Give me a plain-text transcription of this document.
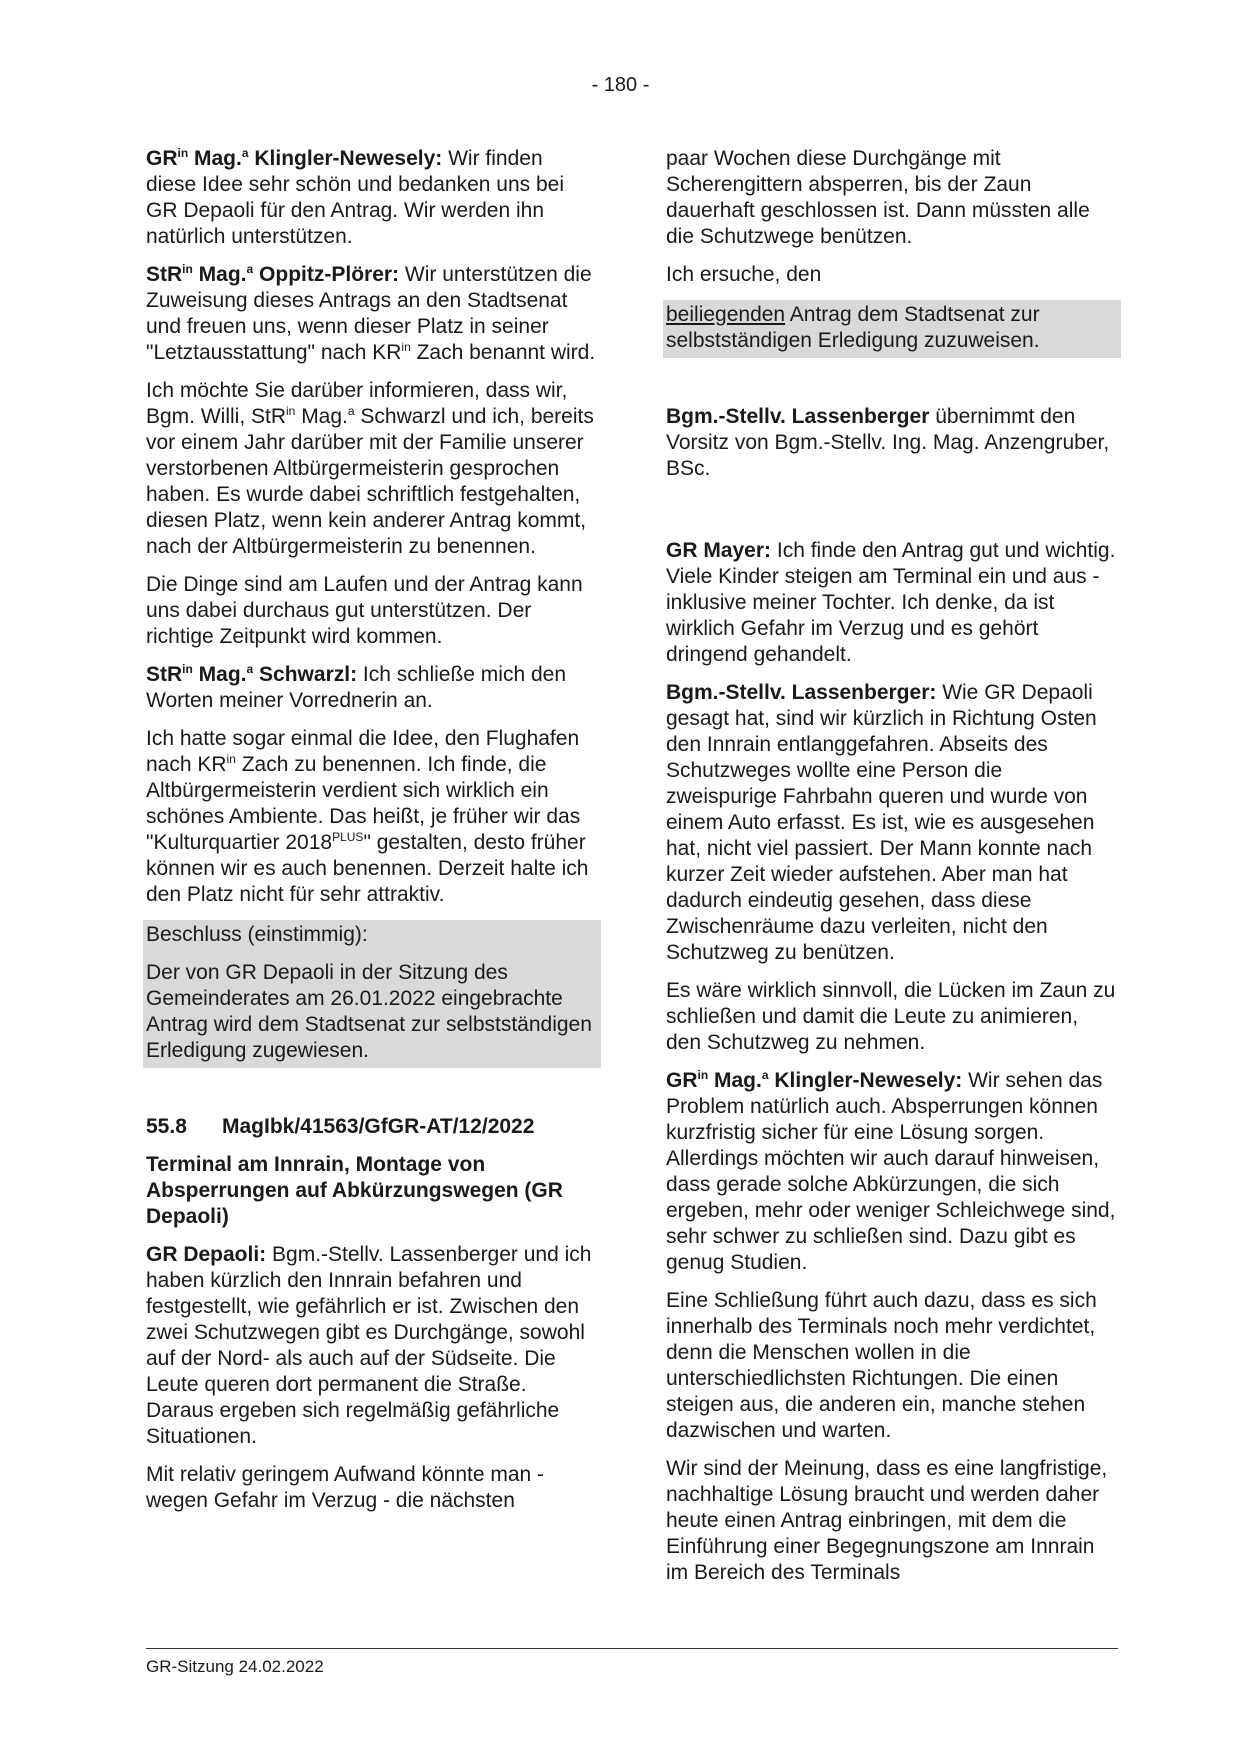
- 180 -

$GR^{in}$ Mag.$^a$ Klingler-Newesely: Wir finden diese Idee sehr schön und bedanken uns bei GR Depaoli für den Antrag. Wir werden ihn natürlich unterstützen.

StR$^{in}$ Mag.$^a$ Oppitz-Plörer: Wir unterstützen die Zuweisung dieses Antrags an den Stadtsenat und freuen uns, wenn dieser Platz in seiner "Letztausstattung" nach $KR^{in}$ Zach benannt wird.

Ich möchte Sie darüber informieren, dass wir, Bgm. Willi, StR$^{in}$ Mag.$^a$ Schwarzl und ich, bereits vor einem Jahr darüber mit der Familie unserer verstorbenen Altbürgermeisterin gesprochen haben. Es wurde dabei schriftlich festgehalten, diesen Platz, wenn kein anderer Antrag kommt, nach der Altbürgermeisterin zu benennen.

Die Dinge sind am Laufen und der Antrag kann uns dabei durchaus gut unterstützen. Der richtige Zeitpunkt wird kommen.

StR$^{in}$ Mag.$^a$ Schwarzl: Ich schließe mich den Worten meiner Vorrednerin an.

Ich hatte sogar einmal die Idee, den Flughafen nach $KR^{in}$ Zach zu benennen. Ich finde, die Altbürgermeisterin verdient sich wirklich ein schönes Ambiente. Das heißt, je früher wir das "Kulturquartier $2018^{PLUS}$" gestalten, desto früher können wir es auch benennen. Derzeit halte ich den Platz nicht für sehr attraktiv.

Beschluss (einstimmig):

Der von GR Depaoli in der Sitzung des Gemeinderates am 26.01.2022 eingebrachte Antrag wird dem Stadtsenat zur selbstständigen Erledigung zugewiesen.

55.8	MagIbk/41563/GfGR-AT/12/2022

Terminal am Innrain, Montage von Absperrungen auf Abkürzungswegen (GR Depaoli)

GR Depaoli: Bgm.-Stellv. Lassenberger und ich haben kürzlich den Innrain befahren und festgestellt, wie gefährlich er ist. Zwischen den zwei Schutzwegen gibt es Durchgänge, sowohl auf der Nord- als auch auf der Südseite. Die Leute queren dort permanent die Straße. Daraus ergeben sich regelmäßig gefährliche Situationen.

Mit relativ geringem Aufwand könnte man - wegen Gefahr im Verzug - die nächsten

paar Wochen diese Durchgänge mit Scherengittern absperren, bis der Zaun dauerhaft geschlossen ist. Dann müssten alle die Schutzwege benützen.

Ich ersuche, den

beiliegenden Antrag dem Stadtsenat zur selbstständigen Erledigung zuzuweisen.

Bgm.-Stellv. Lassenberger übernimmt den Vorsitz von Bgm.-Stellv. Ing. Mag. Anzengruber, BSc.

GR Mayer: Ich finde den Antrag gut und wichtig. Viele Kinder steigen am Terminal ein und aus - inklusive meiner Tochter. Ich denke, da ist wirklich Gefahr im Verzug und es gehört dringend gehandelt.

Bgm.-Stellv. Lassenberger: Wie GR Depaoli gesagt hat, sind wir kürzlich in Richtung Osten den Innrain entlanggefahren. Abseits des Schutzweges wollte eine Person die zweispurige Fahrbahn queren und wurde von einem Auto erfasst. Es ist, wie es ausgesehen hat, nicht viel passiert. Der Mann konnte nach kurzer Zeit wieder aufstehen. Aber man hat dadurch eindeutig gesehen, dass diese Zwischenräume dazu verleiten, nicht den Schutzweg zu benützen.

Es wäre wirklich sinnvoll, die Lücken im Zaun zu schließen und damit die Leute zu animieren, den Schutzweg zu nehmen.

$GR^{in}$ Mag.$^a$ Klingler-Newesely: Wir sehen das Problem natürlich auch. Absperrungen können kurzfristig sicher für eine Lösung sorgen. Allerdings möchten wir auch darauf hinweisen, dass gerade solche Abkürzungen, die sich ergeben, mehr oder weniger Schleichwege sind, sehr schwer zu schließen sind. Dazu gibt es genug Studien.

Eine Schließung führt auch dazu, dass es sich innerhalb des Terminals noch mehr verdichtet, denn die Menschen wollen in die unterschiedlichsten Richtungen. Die einen steigen aus, die anderen ein, manche stehen dazwischen und warten.

Wir sind der Meinung, dass es eine langfristige, nachhaltige Lösung braucht und werden daher heute einen Antrag einbringen, mit dem die Einführung einer Begegnungszone am Innrain im Bereich des Terminals

GR-Sitzung 24.02.2022
